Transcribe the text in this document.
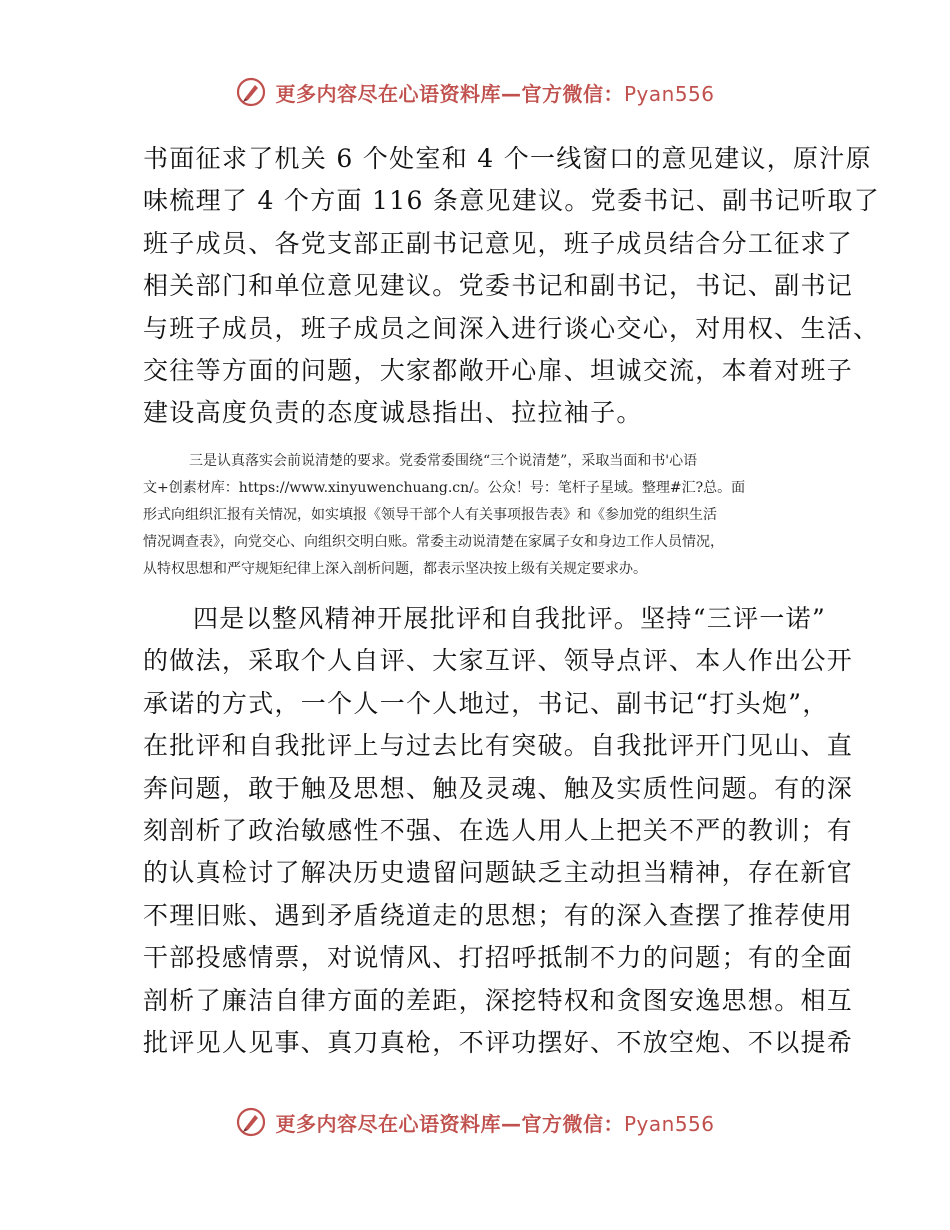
更多内容尽在心语资料库—官方微信：Pyan556
书面征求了机关 6 个处室和 4 个一线窗口的意见建议，原汁原
味梳理了 4 个方面 116 条意见建议。党委书记、副书记听取了
班子成员、各党支部正副书记意见，班子成员结合分工征求了
相关部门和单位意见建议。党委书记和副书记，书记、副书记
与班子成员，班子成员之间深入进行谈心交心，对用权、生活、
交往等方面的问题，大家都敞开心扉、坦诚交流，本着对班子
建设高度负责的态度诚恳指出、拉拉袖子。
三是认真落实会前说清楚的要求。党委常委围绕“三个说清楚”，采取当面和书'心语
文+创素材库：https://www.xinyuwenchuang.cn/。公众！号：笔杆子星域。整理#汇?总。面
形式向组织汇报有关情况，如实填报《领导干部个人有关事项报告表》和《参加党的组织生活
情况调查表》，向党交心、向组织交明白账。常委主动说清楚在家属子女和身边工作人员情况，
从特权思想和严守规矩纪律上深入剖析问题，都表示坚决按上级有关规定要求办。
四是以整风精神开展批评和自我批评。坚持“三评一诺”
的做法，采取个人自评、大家互评、领导点评、本人作出公开
承诺的方式，一个人一个人地过，书记、副书记“打头炮”，
在批评和自我批评上与过去比有突破。自我批评开门见山、直
奔问题，敢于触及思想、触及灵魂、触及实质性问题。有的深
刻剖析了政治敏感性不强、在选人用人上把关不严的教训；有
的认真检讨了解决历史遗留问题缺乏主动担当精神，存在新官
不理旧账、遇到矛盾绕道走的思想；有的深入查摆了推荐使用
干部投感情票，对说情风、打招呼抵制不力的问题；有的全面
剖析了廉洁自律方面的差距，深挖特权和贪图安逸思想。相互
批评见人见事、真刀真枪，不评功摆好、不放空炮、不以提希
更多内容尽在心语资料库—官方微信：Pyan556
